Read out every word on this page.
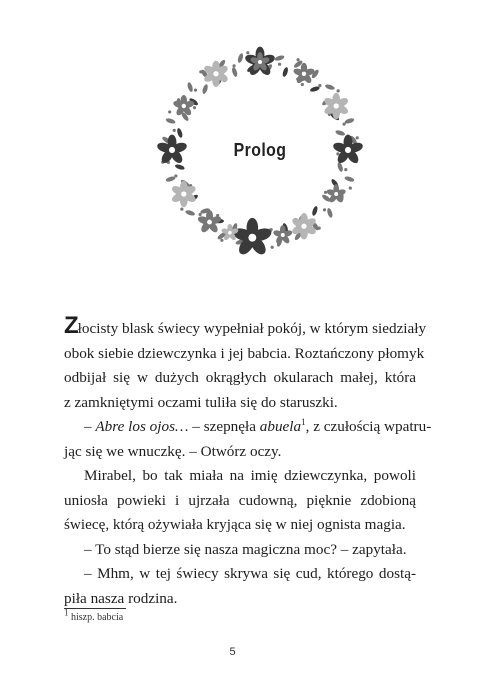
Prolog

Złocisty blask świecy wypełniał pokój, w którym siedziały
obok siebie dziewczynka i jej babcia. Roztańczony płomyk
odbijał się w dużych okrągłych okularach małej, która
z zamkniętymi oczami tuliła się do staruszki.

– Abre los ojos… – szepnęła abuela$^1$, z czułością wpatru-
jąc się we wnuczkę. – Otwórz oczy.

Mirabel, bo tak miała na imię dziewczynka, powoli
uniosła powieki i ujrzała cudowną, pięknie zdobioną
świecę, którą ożywiała kryjąca się w niej ognista magia.

– To stąd bierze się nasza magiczna moc? – zapytała.

– Mhm, w tej świecy skrywa się cud, którego dostą-
piła nasza rodzina.

$^1$ hiszp. babcia
5
